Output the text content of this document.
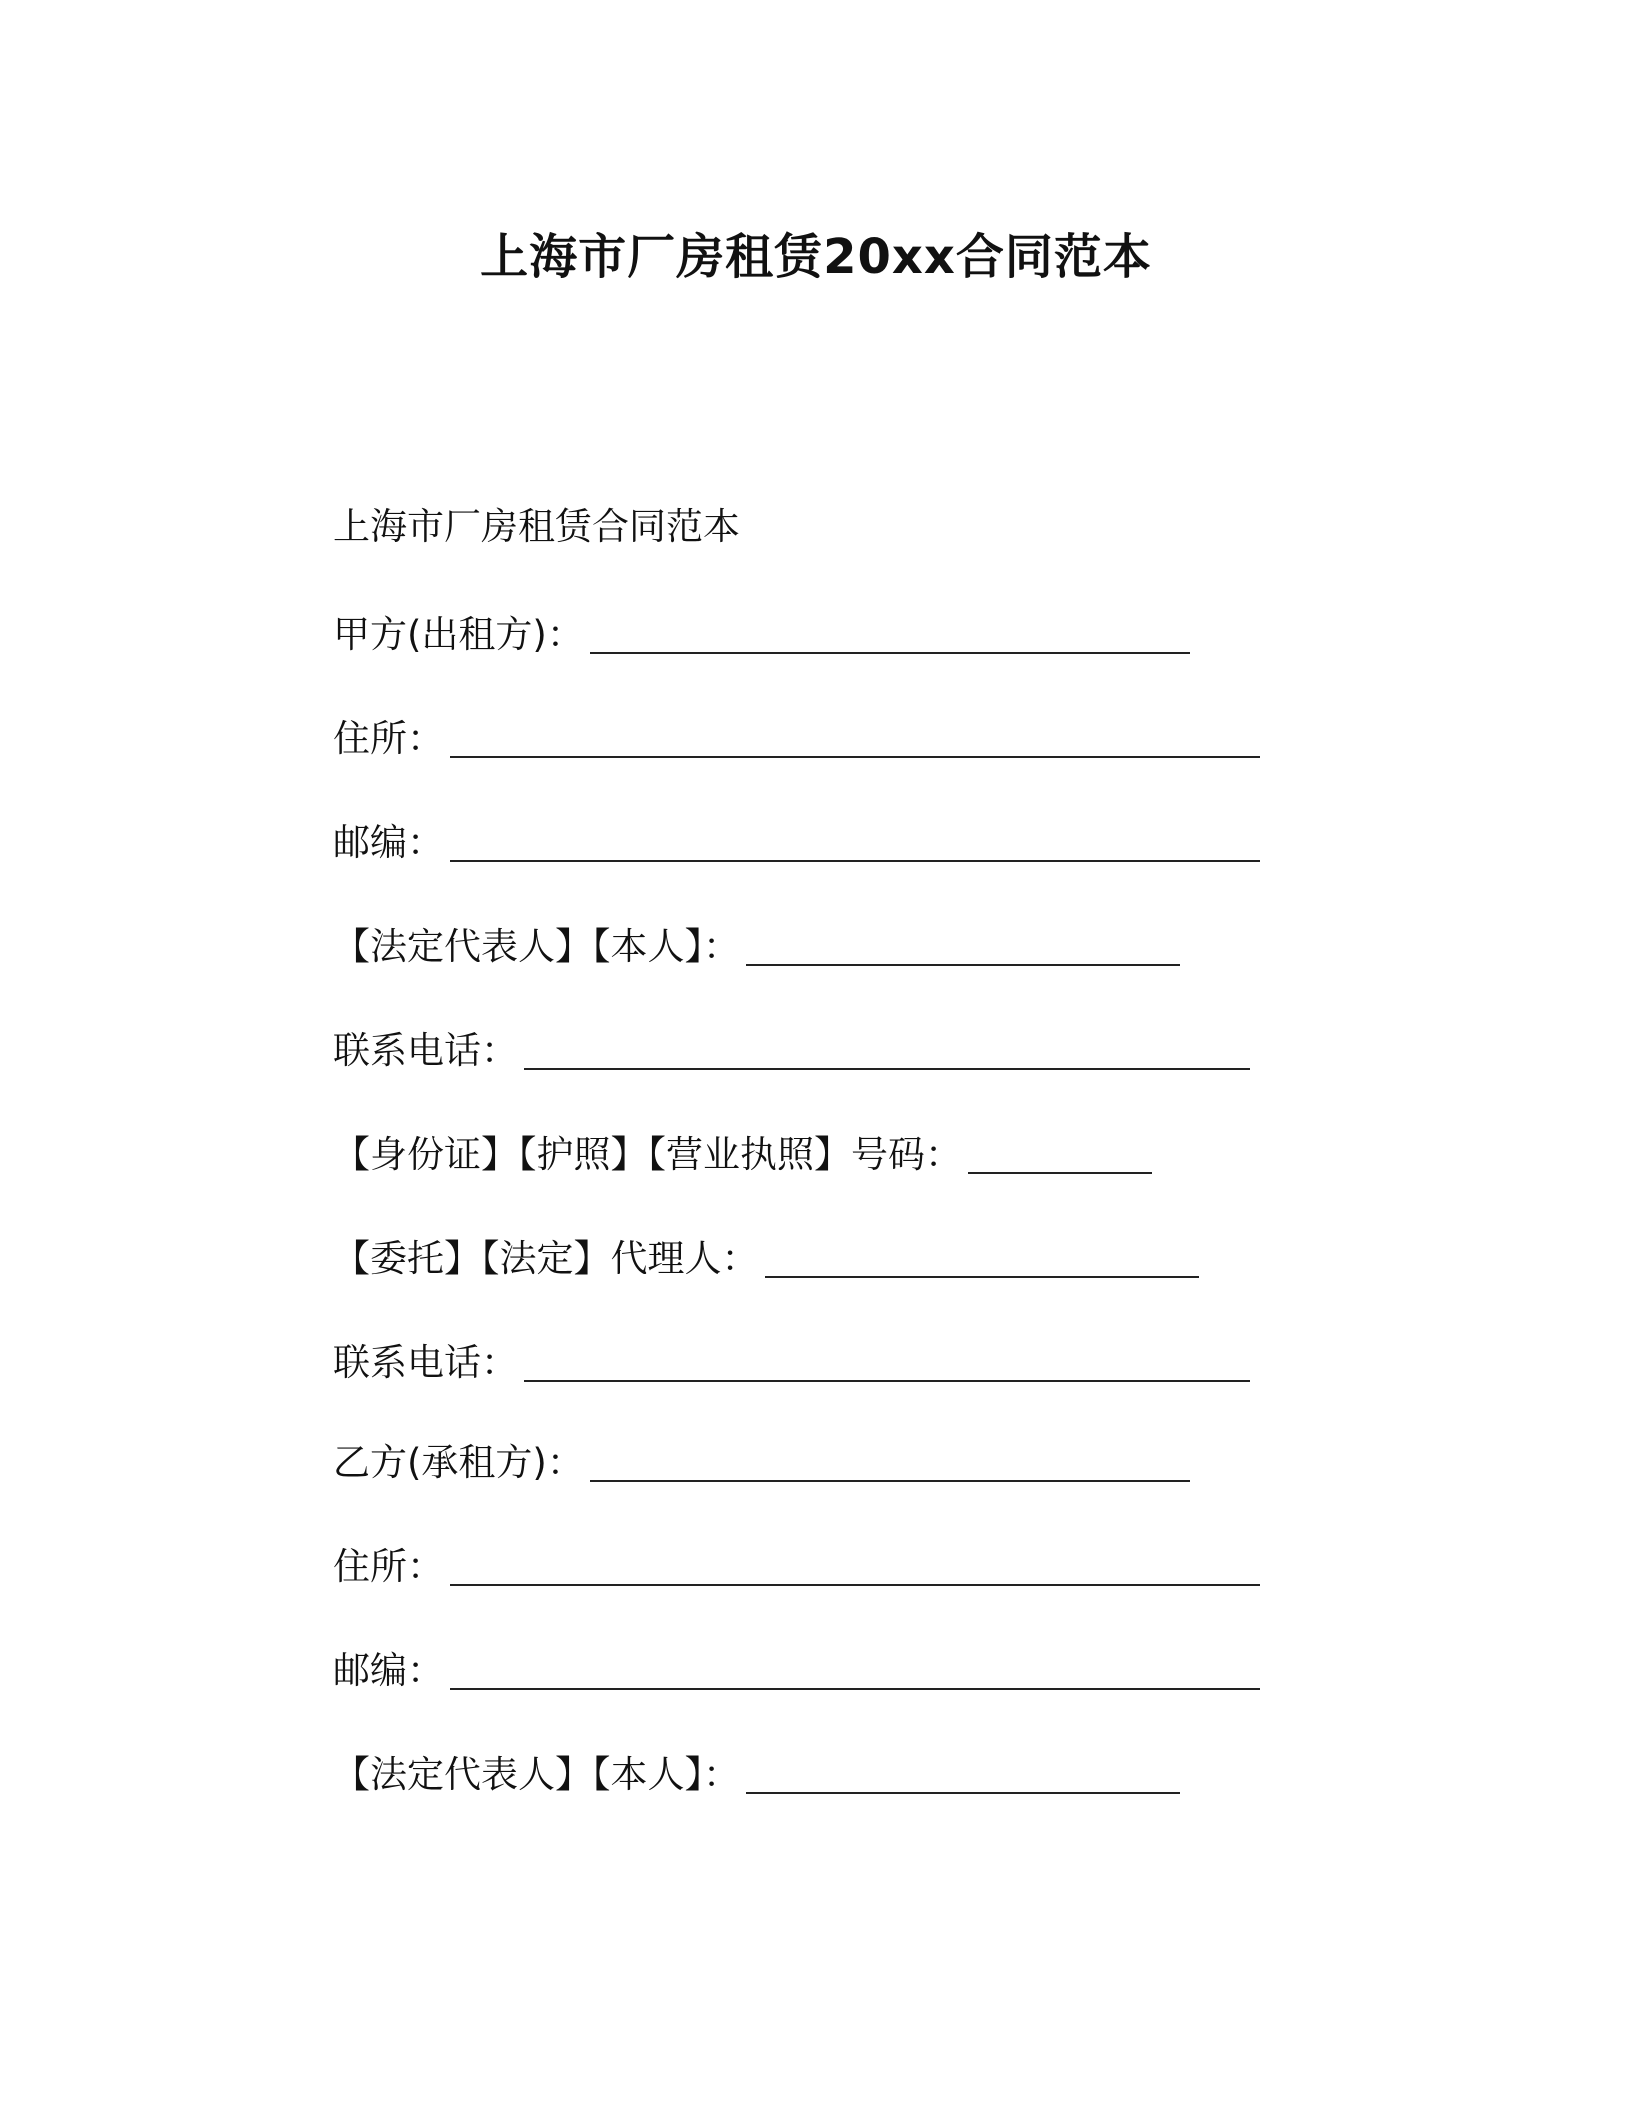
上海市厂房租赁20xx合同范本
上海市厂房租赁合同范本
甲方(出租方)：
住所：
邮编：
【法定代表人】【本人】：
联系电话：
【身份证】【护照】【营业执照】号码：
【委托】【法定】代理人：
联系电话：
乙方(承租方)：
住所：
邮编：
【法定代表人】【本人】：
